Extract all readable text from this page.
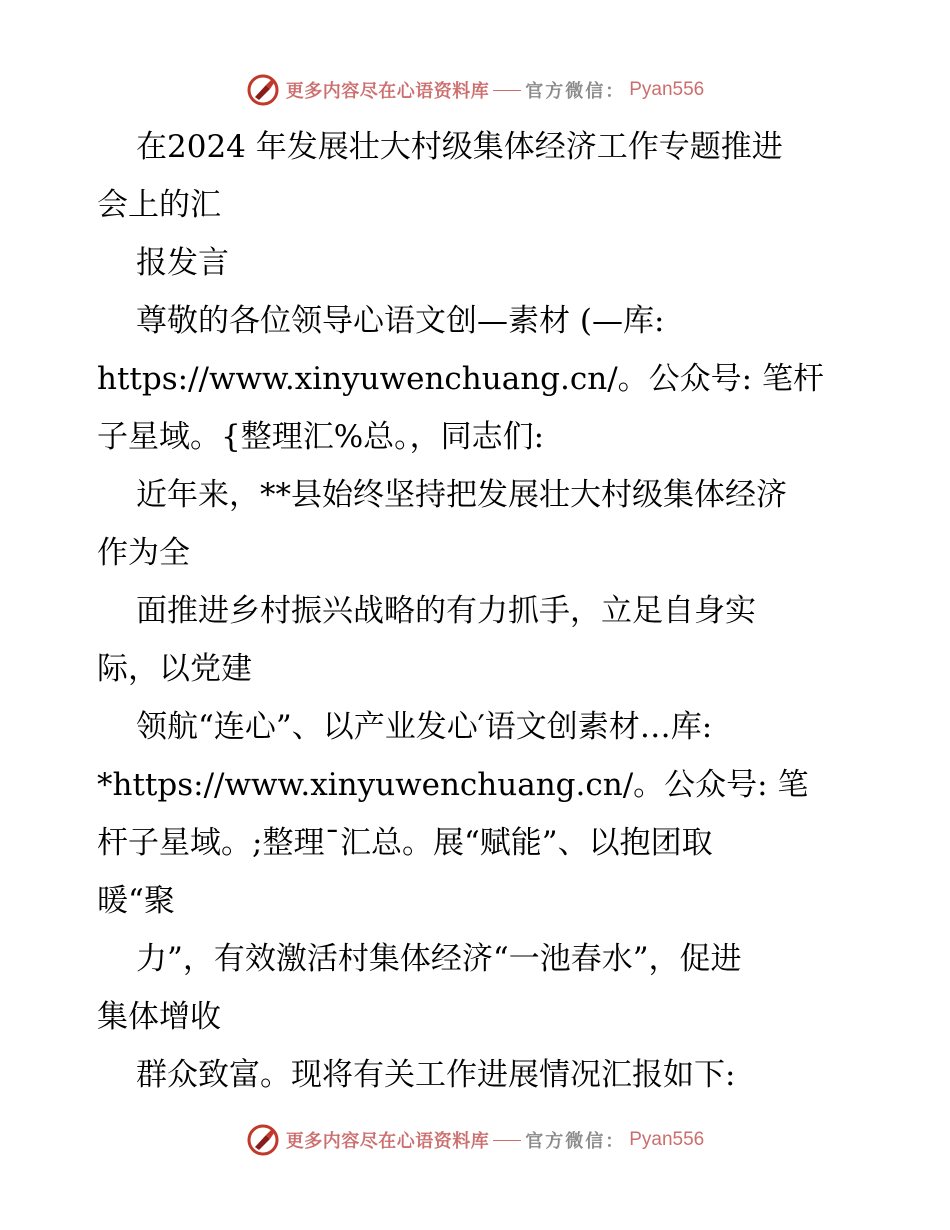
更多内容尽在心语资料库 官方微信： Pyan556
在2024 年发展壮大村级集体经济工作专题推进
会上的汇
报发言
尊敬的各位领导心语文创—素材 (—库:
https://www.xinyuwenchuang.cn/。公众号: 笔杆
子星域。{整理汇%总。，同志们:
近年来，**县始终坚持把发展壮大村级集体经济
作为全
面推进乡村振兴战略的有力抓手，立足自身实
际，以党建
领航“连心”、以产业发心′语文创素材…库:
*https://www.xinyuwenchuang.cn/。公众号: 笔
杆子星域。;整理¯汇总。展“赋能”、以抱团取
暖“聚
力”，有效激活村集体经济“一池春水”，促进
集体增收
群众致富。现将有关工作进展情况汇报如下:
更多内容尽在心语资料库 官方微信： Pyan556
